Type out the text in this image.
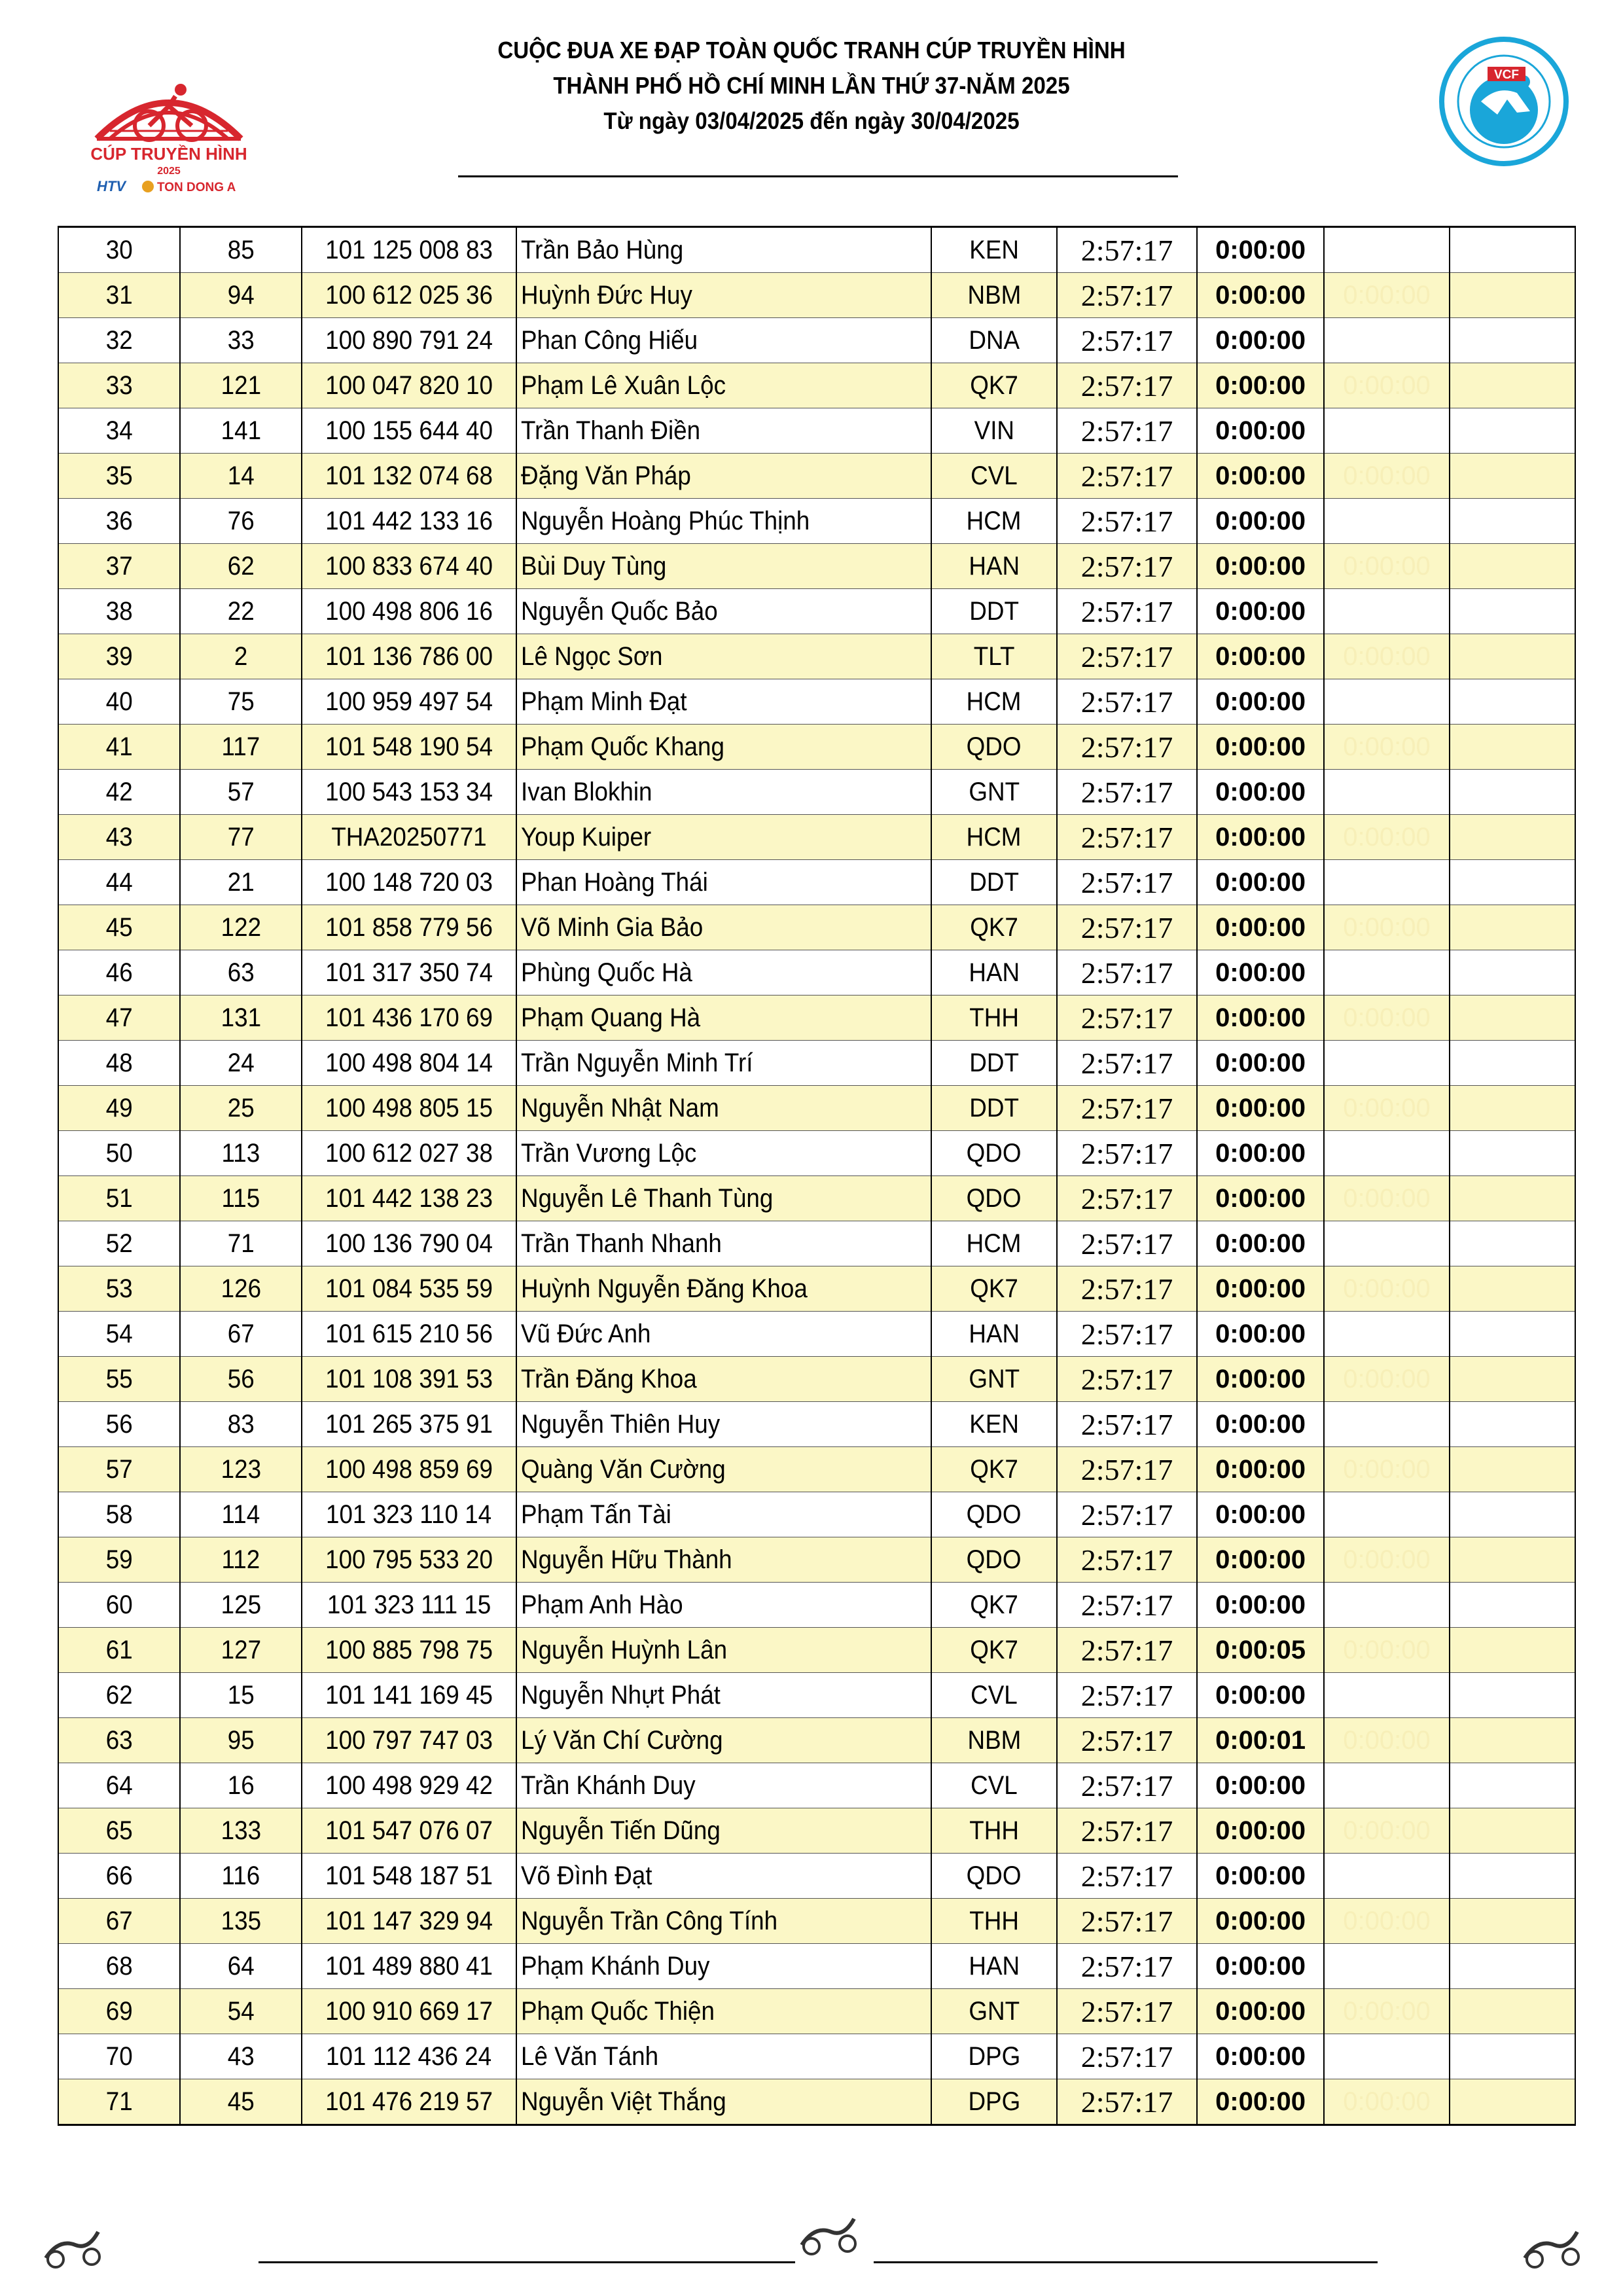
CÚP TRUYỀN HÌNH
2025
HTV	TON DONG A
CUỘC ĐUA XE ĐẠP TOÀN QUỐC TRANH CÚP TRUYỀN HÌNH
THÀNH PHỐ HỒ CHÍ MINH LẦN THỨ 37-NĂM 2025
Từ ngày 03/04/2025 đến ngày 30/04/2025
VCF
30	85	101 125 008 83	Trần Bảo Hùng	KEN	2:57:17	0:00:00		
31	94	100 612 025 36	Huỳnh Đức Huy	NBM	2:57:17	0:00:00	0:00:00	
32	33	100 890 791 24	Phan Công Hiếu	DNA	2:57:17	0:00:00		
33	121	100 047 820 10	Phạm Lê Xuân Lộc	QK7	2:57:17	0:00:00	0:00:00	
34	141	100 155 644 40	Trần Thanh Điền	VIN	2:57:17	0:00:00		
35	14	101 132 074 68	Đặng Văn Pháp	CVL	2:57:17	0:00:00	0:00:00	
36	76	101 442 133 16	Nguyễn Hoàng Phúc Thịnh	HCM	2:57:17	0:00:00		
37	62	100 833 674 40	Bùi Duy Tùng	HAN	2:57:17	0:00:00	0:00:00	
38	22	100 498 806 16	Nguyễn Quốc Bảo	DDT	2:57:17	0:00:00		
39	2	101 136 786 00	Lê Ngọc Sơn	TLT	2:57:17	0:00:00	0:00:00	
40	75	100 959 497 54	Phạm Minh Đạt	HCM	2:57:17	0:00:00		
41	117	101 548 190 54	Phạm Quốc Khang	QDO	2:57:17	0:00:00	0:00:00	
42	57	100 543 153 34	Ivan Blokhin	GNT	2:57:17	0:00:00		
43	77	THA20250771	Youp Kuiper	HCM	2:57:17	0:00:00	0:00:00	
44	21	100 148 720 03	Phan Hoàng Thái	DDT	2:57:17	0:00:00		
45	122	101 858 779 56	Võ Minh Gia Bảo	QK7	2:57:17	0:00:00	0:00:00	
46	63	101 317 350 74	Phùng Quốc Hà	HAN	2:57:17	0:00:00		
47	131	101 436 170 69	Phạm Quang Hà	THH	2:57:17	0:00:00	0:00:00	
48	24	100 498 804 14	Trần Nguyễn Minh Trí	DDT	2:57:17	0:00:00		
49	25	100 498 805 15	Nguyễn Nhật Nam	DDT	2:57:17	0:00:00	0:00:00	
50	113	100 612 027 38	Trần Vương Lộc	QDO	2:57:17	0:00:00		
51	115	101 442 138 23	Nguyễn Lê Thanh Tùng	QDO	2:57:17	0:00:00	0:00:00	
52	71	100 136 790 04	Trần Thanh Nhanh	HCM	2:57:17	0:00:00		
53	126	101 084 535 59	Huỳnh Nguyễn Đăng Khoa	QK7	2:57:17	0:00:00	0:00:00	
54	67	101 615 210 56	Vũ Đức Anh	HAN	2:57:17	0:00:00		
55	56	101 108 391 53	Trần Đăng Khoa	GNT	2:57:17	0:00:00	0:00:00	
56	83	101 265 375 91	Nguyễn Thiên Huy	KEN	2:57:17	0:00:00		
57	123	100 498 859 69	Quàng Văn Cường	QK7	2:57:17	0:00:00	0:00:00	
58	114	101 323 110 14	Phạm Tấn Tài	QDO	2:57:17	0:00:00		
59	112	100 795 533 20	Nguyễn Hữu Thành	QDO	2:57:17	0:00:00	0:00:00	
60	125	101 323 111 15	Phạm Anh Hào	QK7	2:57:17	0:00:00		
61	127	100 885 798 75	Nguyễn Huỳnh Lân	QK7	2:57:17	0:00:05	0:00:00	
62	15	101 141 169 45	Nguyễn Nhựt Phát	CVL	2:57:17	0:00:00		
63	95	100 797 747 03	Lý Văn Chí Cường	NBM	2:57:17	0:00:01	0:00:00	
64	16	100 498 929 42	Trần Khánh Duy	CVL	2:57:17	0:00:00		
65	133	101 547 076 07	Nguyễn Tiến Dũng	THH	2:57:17	0:00:00	0:00:00	
66	116	101 548 187 51	Võ Đình Đạt	QDO	2:57:17	0:00:00		
67	135	101 147 329 94	Nguyễn Trần Công Tính	THH	2:57:17	0:00:00	0:00:00	
68	64	101 489 880 41	Phạm Khánh Duy	HAN	2:57:17	0:00:00		
69	54	100 910 669 17	Phạm Quốc Thiện	GNT	2:57:17	0:00:00	0:00:00	
70	43	101 112 436 24	Lê Văn Tánh	DPG	2:57:17	0:00:00		
71	45	101 476 219 57	Nguyễn Việt Thắng	DPG	2:57:17	0:00:00	0:00:00	
